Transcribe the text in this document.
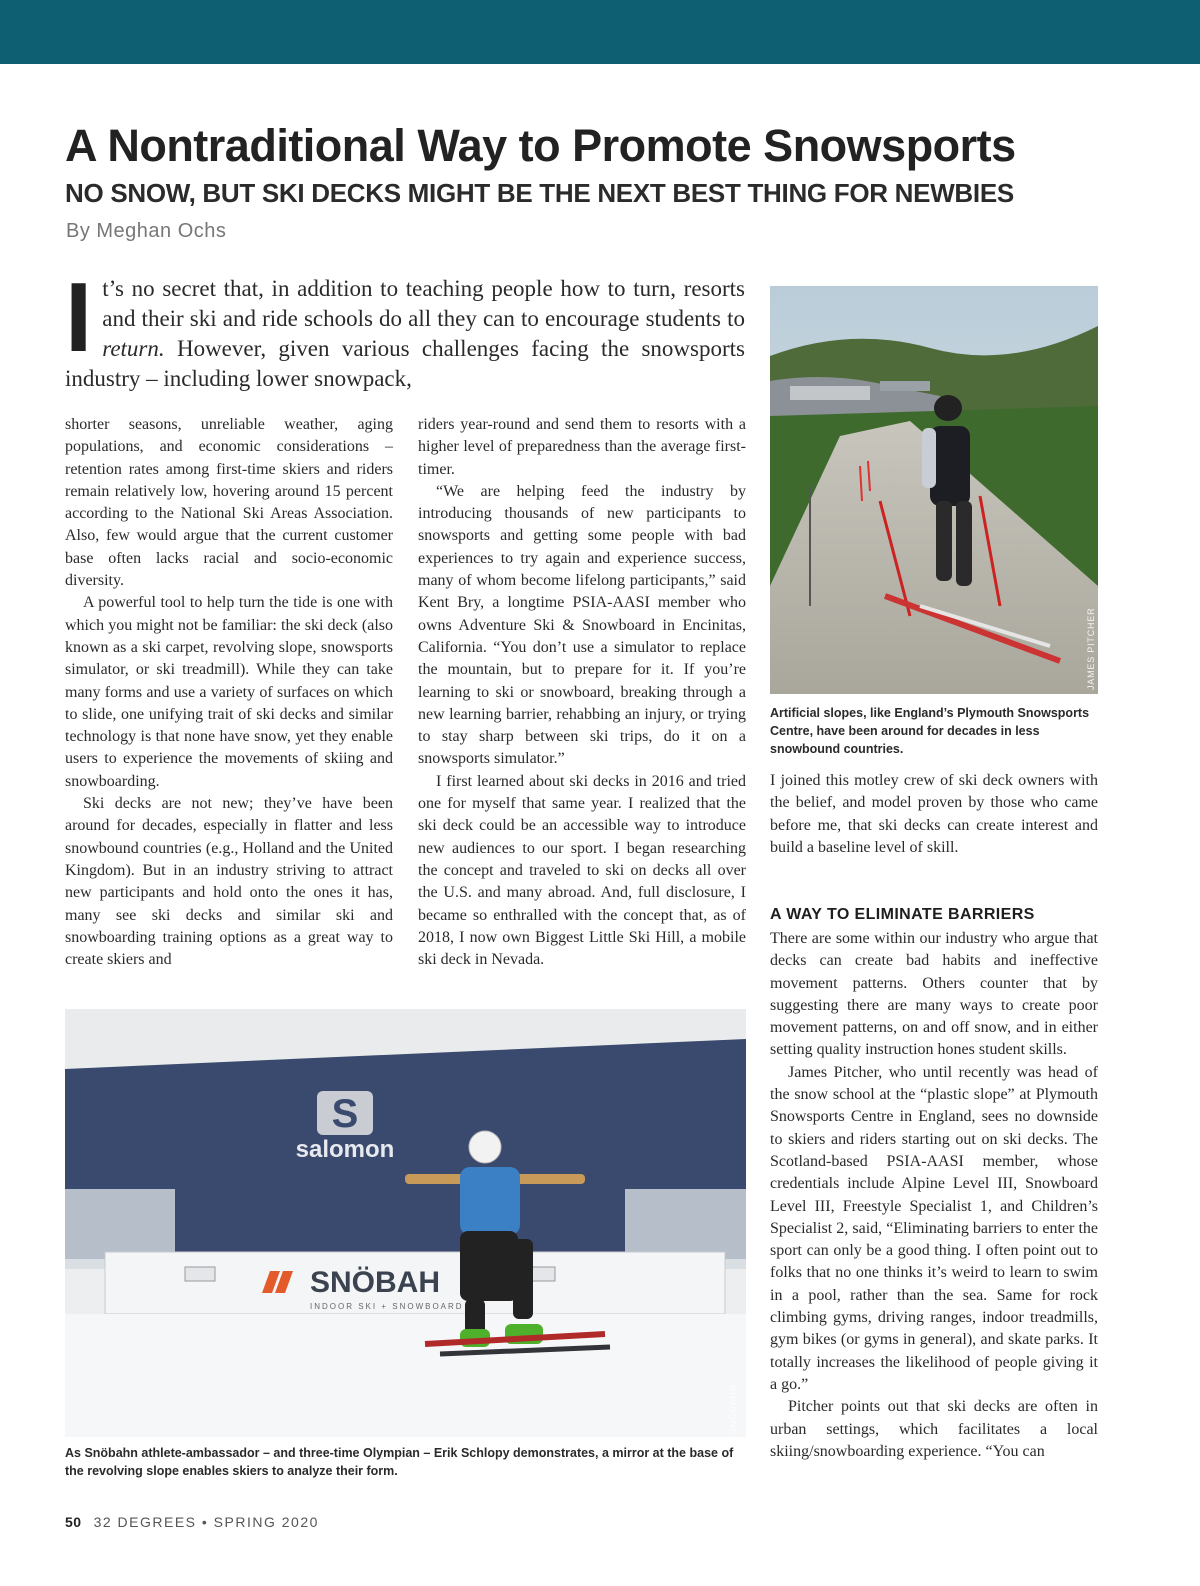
A Nontraditional Way to Promote Snowsports
NO SNOW, BUT SKI DECKS MIGHT BE THE NEXT BEST THING FOR NEWBIES
By Meghan Ochs

It’s no secret that, in addition to teaching people how to turn, resorts and their ski and ride schools do all they can to encourage students to return. However, given various challenges facing the snowsports industry – including lower snowpack,

shorter seasons, unreliable weather, aging populations, and economic considerations – retention rates among first-time skiers and riders remain relatively low, hovering around 15 percent according to the National Ski Areas Association. Also, few would argue that the current customer base often lacks racial and socio-economic diversity.

A powerful tool to help turn the tide is one with which you might not be familiar: the ski deck (also known as a ski carpet, revolving slope, snowsports simulator, or ski treadmill). While they can take many forms and use a variety of surfaces on which to slide, one unifying trait of ski decks and similar technology is that none have snow, yet they enable users to experience the movements of skiing and snowboarding.

Ski decks are not new; they’ve have been around for decades, especially in flatter and less snowbound countries (e.g., Holland and the United Kingdom). But in an industry striving to attract new participants and hold onto the ones it has, many see ski decks and similar ski and snowboarding training options as a great way to create skiers and

riders year-round and send them to resorts with a higher level of preparedness than the average first-timer.

“We are helping feed the industry by introducing thousands of new participants to snowsports and getting some people with bad experiences to try again and experience success, many of whom become lifelong participants,” said Kent Bry, a longtime PSIA-AASI member who owns Adventure Ski & Snowboard in Encinitas, California. “You don’t use a simulator to replace the mountain, but to prepare for it. If you’re learning to ski or snowboard, breaking through a new learning barrier, rehabbing an injury, or trying to stay sharp between ski trips, do it on a snowsports simulator.”

I first learned about ski decks in 2016 and tried one for myself that same year. I realized that the ski deck could be an accessible way to introduce new audiences to our sport. I began researching the concept and traveled to ski on decks all over the U.S. and many abroad. And, full disclosure, I became so enthralled with the concept that, as of 2018, I now own Biggest Little Ski Hill, a mobile ski deck in Nevada.

JAMES PITCHER

Artificial slopes, like England’s Plymouth Snowsports Centre, have been around for decades in less snowbound countries.

I joined this motley crew of ski deck owners with the belief, and model proven by those who came before me, that ski decks can create interest and build a baseline level of skill.

A WAY TO ELIMINATE BARRIERS

There are some within our industry who argue that decks can create bad habits and ineffective movement patterns. Others counter that by suggesting there are many ways to create poor movement patterns, on and off snow, and in either setting quality instruction hones student skills.

James Pitcher, who until recently was head of the snow school at the “plastic slope” at Plymouth Snowsports Centre in England, sees no downside to skiers and riders starting out on ski decks. The Scotland-based PSIA-AASI member, whose credentials include Alpine Level III, Snowboard Level III, Freestyle Specialist 1, and Children’s Specialist 2, said, “Eliminating barriers to enter the sport can only be a good thing. I often point out to folks that no one thinks it’s weird to learn to swim in a pool, rather than the sea. Same for rock climbing gyms, driving ranges, indoor treadmills, gym bikes (or gyms in general), and skate parks. It totally increases the likelihood of people giving it a go.”

Pitcher points out that ski decks are often in urban settings, which facilitates a local skiing/snowboarding experience. “You can

S
salomon
SNÖBAH
INDOOR SKI + SNOWBOARD
SNÖBAHN

As Snöbahn athlete-ambassador – and three-time Olympian – Erik Schlopy demonstrates, a mirror at the base of the revolving slope enables skiers to analyze their form.

50 32 DEGREES • SPRING 2020
